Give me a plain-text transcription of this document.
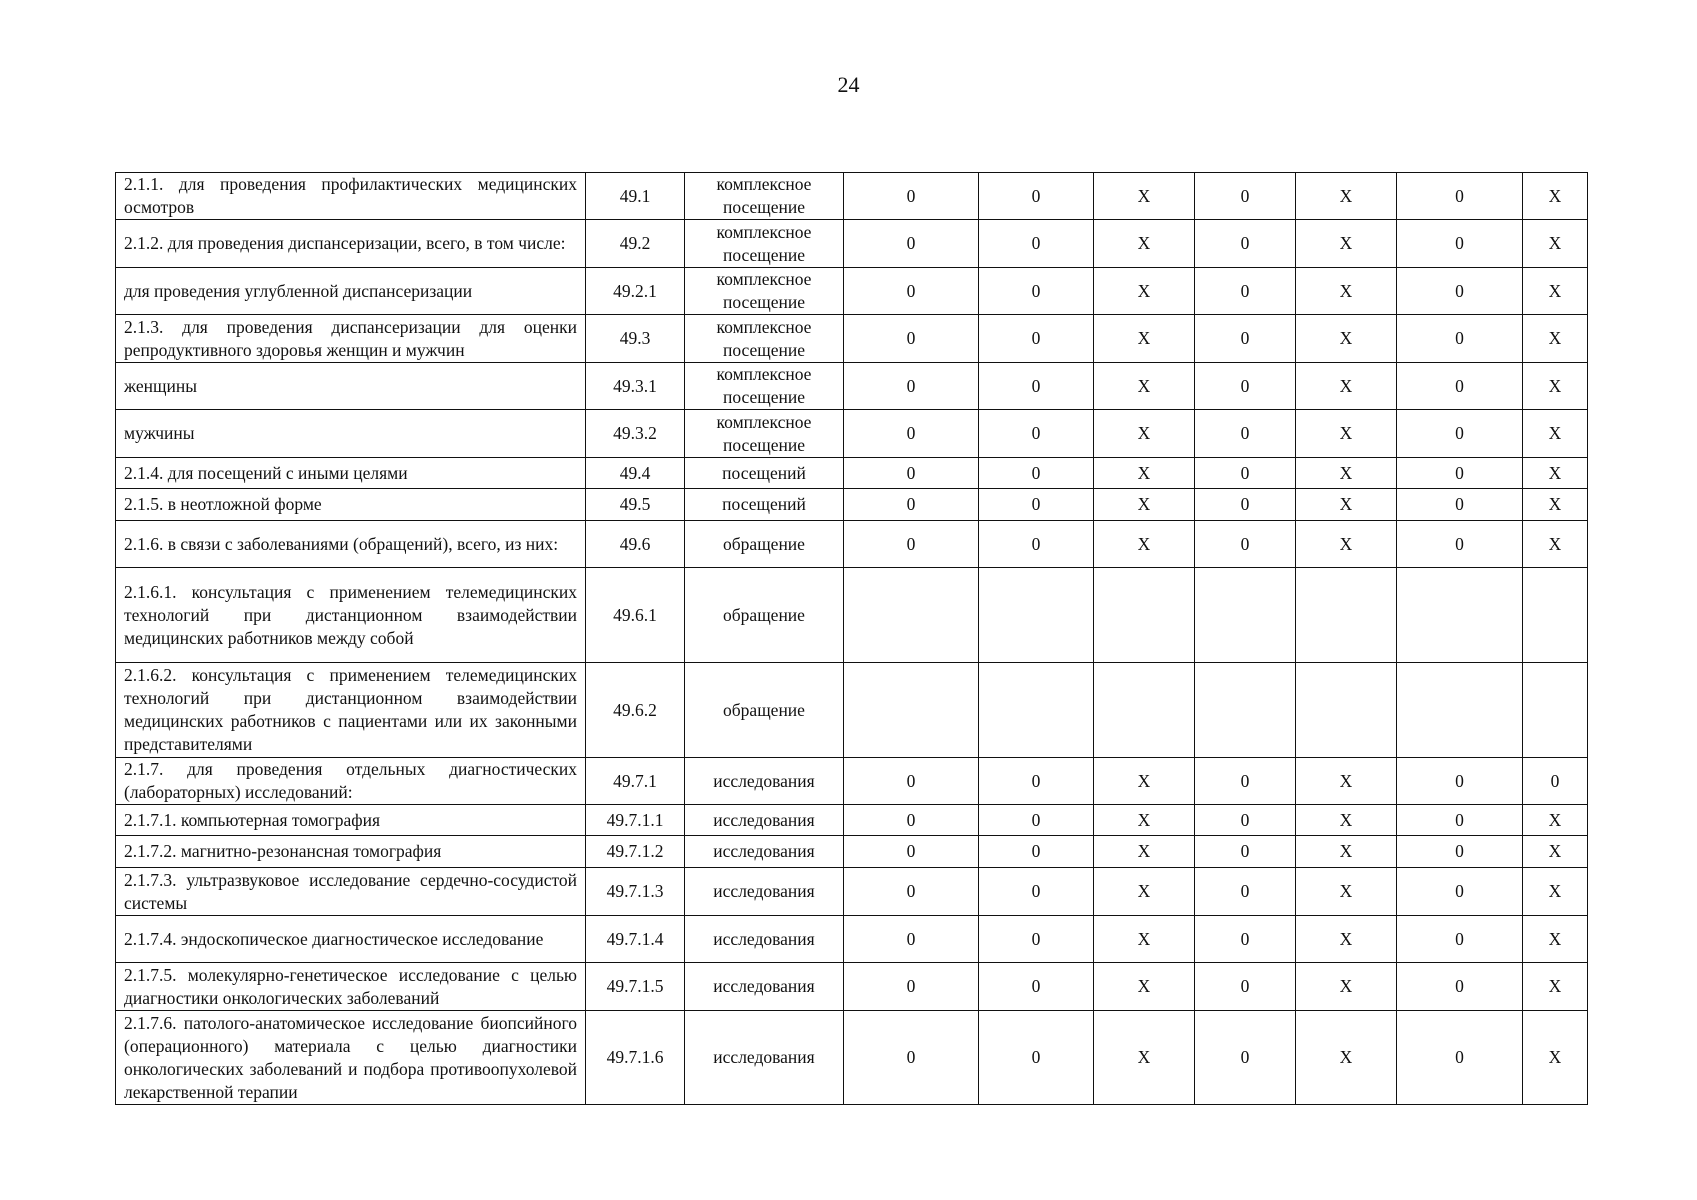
24
2.1.1. для проведения профилактических медицинских осмотров	49.1	комплексное посещение	0	0	X	0	X	0	X
2.1.2. для проведения диспансеризации, всего, в том числе:	49.2	комплексное посещение	0	0	X	0	X	0	X
для проведения углубленной диспансеризации	49.2.1	комплексное посещение	0	0	X	0	X	0	X
2.1.3. для проведения диспансеризации для оценки репродуктивного здоровья женщин и мужчин	49.3	комплексное посещение	0	0	X	0	X	0	X
женщины	49.3.1	комплексное посещение	0	0	X	0	X	0	X
мужчины	49.3.2	комплексное посещение	0	0	X	0	X	0	X
2.1.4. для посещений с иными целями	49.4	посещений	0	0	X	0	X	0	X
2.1.5. в неотложной форме	49.5	посещений	0	0	X	0	X	0	X
2.1.6. в связи с заболеваниями (обращений), всего, из них:	49.6	обращение	0	0	X	0	X	0	X
2.1.6.1. консультация с применением телемедицинских технологий при дистанционном взаимодействии медицинских работников между собой	49.6.1	обращение							
2.1.6.2. консультация с применением телемедицинских технологий при дистанционном взаимодействии медицинских работников с пациентами или их законными представителями	49.6.2	обращение							
2.1.7. для проведения отдельных диагностических (лабораторных) исследований:	49.7.1	исследования	0	0	X	0	X	0	0
2.1.7.1. компьютерная томография	49.7.1.1	исследования	0	0	X	0	X	0	X
2.1.7.2. магнитно-резонансная томография	49.7.1.2	исследования	0	0	X	0	X	0	X
2.1.7.3. ультразвуковое исследование сердечно-сосудистой системы	49.7.1.3	исследования	0	0	X	0	X	0	X
2.1.7.4. эндоскопическое диагностическое исследование	49.7.1.4	исследования	0	0	X	0	X	0	X
2.1.7.5. молекулярно-генетическое исследование с целью диагностики онкологических заболеваний	49.7.1.5	исследования	0	0	X	0	X	0	X
2.1.7.6. патолого-анатомическое исследование биопсийного (операционного) материала с целью диагностики онкологических заболеваний и подбора противоопухолевой лекарственной терапии	49.7.1.6	исследования	0	0	X	0	X	0	X
